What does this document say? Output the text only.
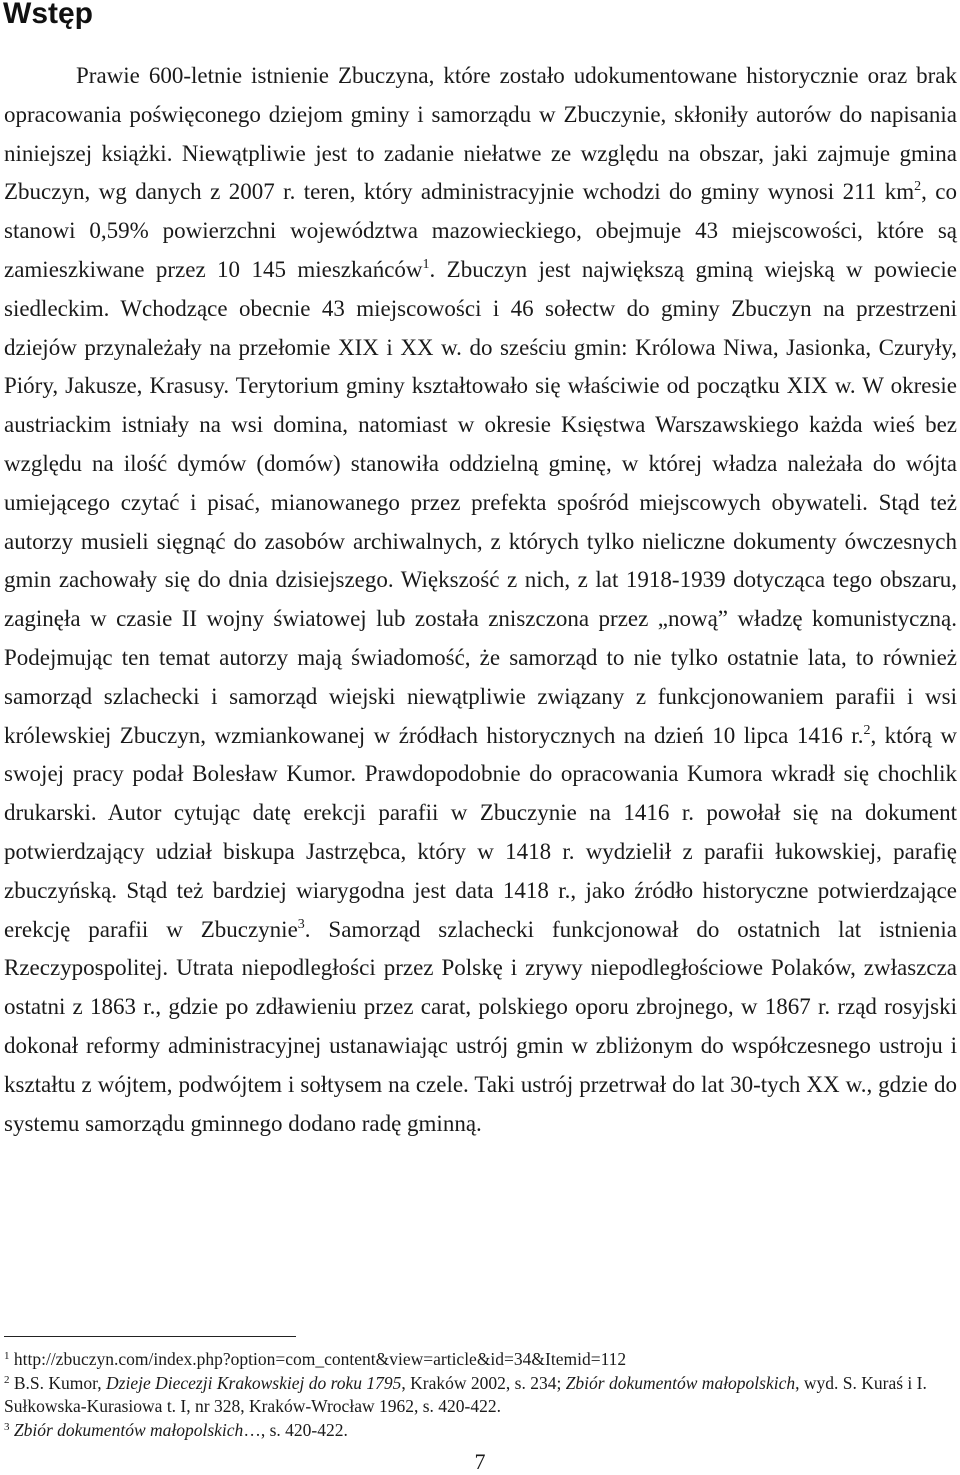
Wstęp

Prawie 600-letnie istnienie Zbuczyna, które zostało udokumentowane historycznie oraz brak opracowania poświęconego dziejom gminy i samorządu w Zbuczynie, skłoniły autorów do napisania niniejszej książki. Niewątpliwie jest to zadanie niełatwe ze względu na obszar, jaki zajmuje gmina Zbuczyn, wg danych z 2007 r. teren, który administracyjnie wchodzi do gminy wynosi 211 $km^2$, co stanowi 0,59% powierzchni województwa mazowieckiego, obejmuje 43 miejscowości, które są zamieszkiwane przez 10 145 mieszkańców$^1$. Zbuczyn jest największą gminą wiejską w powiecie siedleckim. Wchodzące obecnie 43 miejscowości i 46 sołectw do gminy Zbuczyn na przestrzeni dziejów przynależały na przełomie XIX i XX w. do sześciu gmin: Królowa Niwa, Jasionka, Czuryły, Pióry, Jakusze, Krasusy. Terytorium gminy kształtowało się właściwie od początku XIX w. W okresie austriackim istniały na wsi domina, natomiast w okresie Księstwa Warszawskiego każda wieś bez względu na ilość dymów (domów) stanowiła oddzielną gminę, w której władza należała do wójta umiejącego czytać i pisać, mianowanego przez prefekta spośród miejscowych obywateli. Stąd też autorzy musieli sięgnąć do zasobów archiwalnych, z których tylko nieliczne dokumenty ówczesnych gmin zachowały się do dnia dzisiejszego. Większość z nich, z lat 1918-1939 dotycząca tego obszaru, zaginęła w czasie II wojny światowej lub została zniszczona przez „nową” władzę komunistyczną. Podejmując ten temat autorzy mają świadomość, że samorząd to nie tylko ostatnie lata, to również samorząd szlachecki i samorząd wiejski niewątpliwie związany z funkcjonowaniem parafii i wsi królewskiej Zbuczyn, wzmiankowanej w źródłach historycznych na dzień 10 lipca 1416 r.$^2$, którą w swojej pracy podał Bolesław Kumor. Prawdopodobnie do opracowania Kumora wkradł się chochlik drukarski. Autor cytując datę erekcji parafii w Zbuczynie na 1416 r. powołał się na dokument potwierdzający udział biskupa Jastrzębca, który w 1418 r. wydzielił z parafii łukowskiej, parafię zbuczyńską. Stąd też bardziej wiarygodna jest data 1418 r., jako źródło historyczne potwierdzające erekcję parafii w Zbuczynie$^3$. Samorząd szlachecki funkcjonował do ostatnich lat istnienia Rzeczypospolitej. Utrata niepodległości przez Polskę i zrywy niepodległościowe Polaków, zwłaszcza ostatni z 1863 r., gdzie po zdławieniu przez carat, polskiego oporu zbrojnego, w 1867 r. rząd rosyjski dokonał reformy administracyjnej ustanawiając ustrój gmin w zbliżonym do współczesnego ustroju i kształtu z wójtem, podwójtem i sołtysem na czele. Taki ustrój przetrwał do lat 30-tych XX w., gdzie do systemu samorządu gminnego dodano radę gminną.

$^1$ http://zbuczyn.com/index.php?option=com_content&view=article&id=34&Itemid=112

$^2$ B.S. Kumor, Dzieje Diecezji Krakowskiej do roku 1795, Kraków 2002, s. 234; Zbiór dokumentów małopolskich, wyd. S. Kuraś i I. Sułkowska-Kurasiowa t. I, nr 328, Kraków-Wrocław 1962, s. 420-422.

$^3$ Zbiór dokumentów małopolskich…, s. 420-422.

7
